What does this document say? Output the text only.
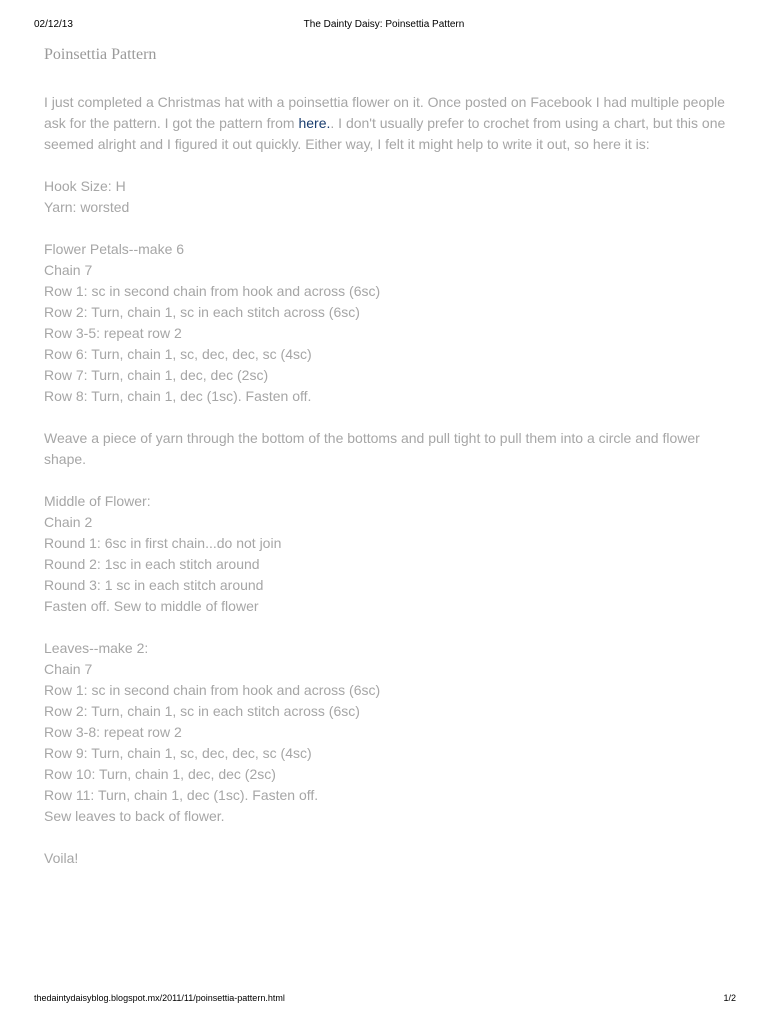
02/12/13	The Dainty Daisy: Poinsettia Pattern
Poinsettia Pattern

I just completed a Christmas hat with a poinsettia flower on it. Once posted on Facebook I had multiple people ask for the pattern. I got the pattern from here.. I don't usually prefer to crochet from using a chart, but this one seemed alright and I figured it out quickly. Either way, I felt it might help to write it out, so here it is:

Hook Size: H
Yarn: worsted
Flower Petals--make 6
Chain 7
Row 1: sc in second chain from hook and across (6sc)
Row 2: Turn, chain 1, sc in each stitch across (6sc)
Row 3-5: repeat row 2
Row 6: Turn, chain 1, sc, dec, dec, sc (4sc)
Row 7: Turn, chain 1, dec, dec (2sc)
Row 8: Turn, chain 1, dec (1sc). Fasten off.

Weave a piece of yarn through the bottom of the bottoms and pull tight to pull them into a circle and flower shape.

Middle of Flower:
Chain 2
Round 1: 6sc in first chain...do not join
Round 2: 1sc in each stitch around
Round 3: 1 sc in each stitch around
Fasten off. Sew to middle of flower
Leaves--make 2:
Chain 7
Row 1: sc in second chain from hook and across (6sc)
Row 2: Turn, chain 1, sc in each stitch across (6sc)
Row 3-8: repeat row 2
Row 9: Turn, chain 1, sc, dec, dec, sc (4sc)
Row 10: Turn, chain 1, dec, dec (2sc)
Row 11: Turn, chain 1, dec (1sc). Fasten off.
Sew leaves to back of flower.
Voila!
thedaintydaisyblog.blogspot.mx/2011/11/poinsettia-pattern.html	1/2
